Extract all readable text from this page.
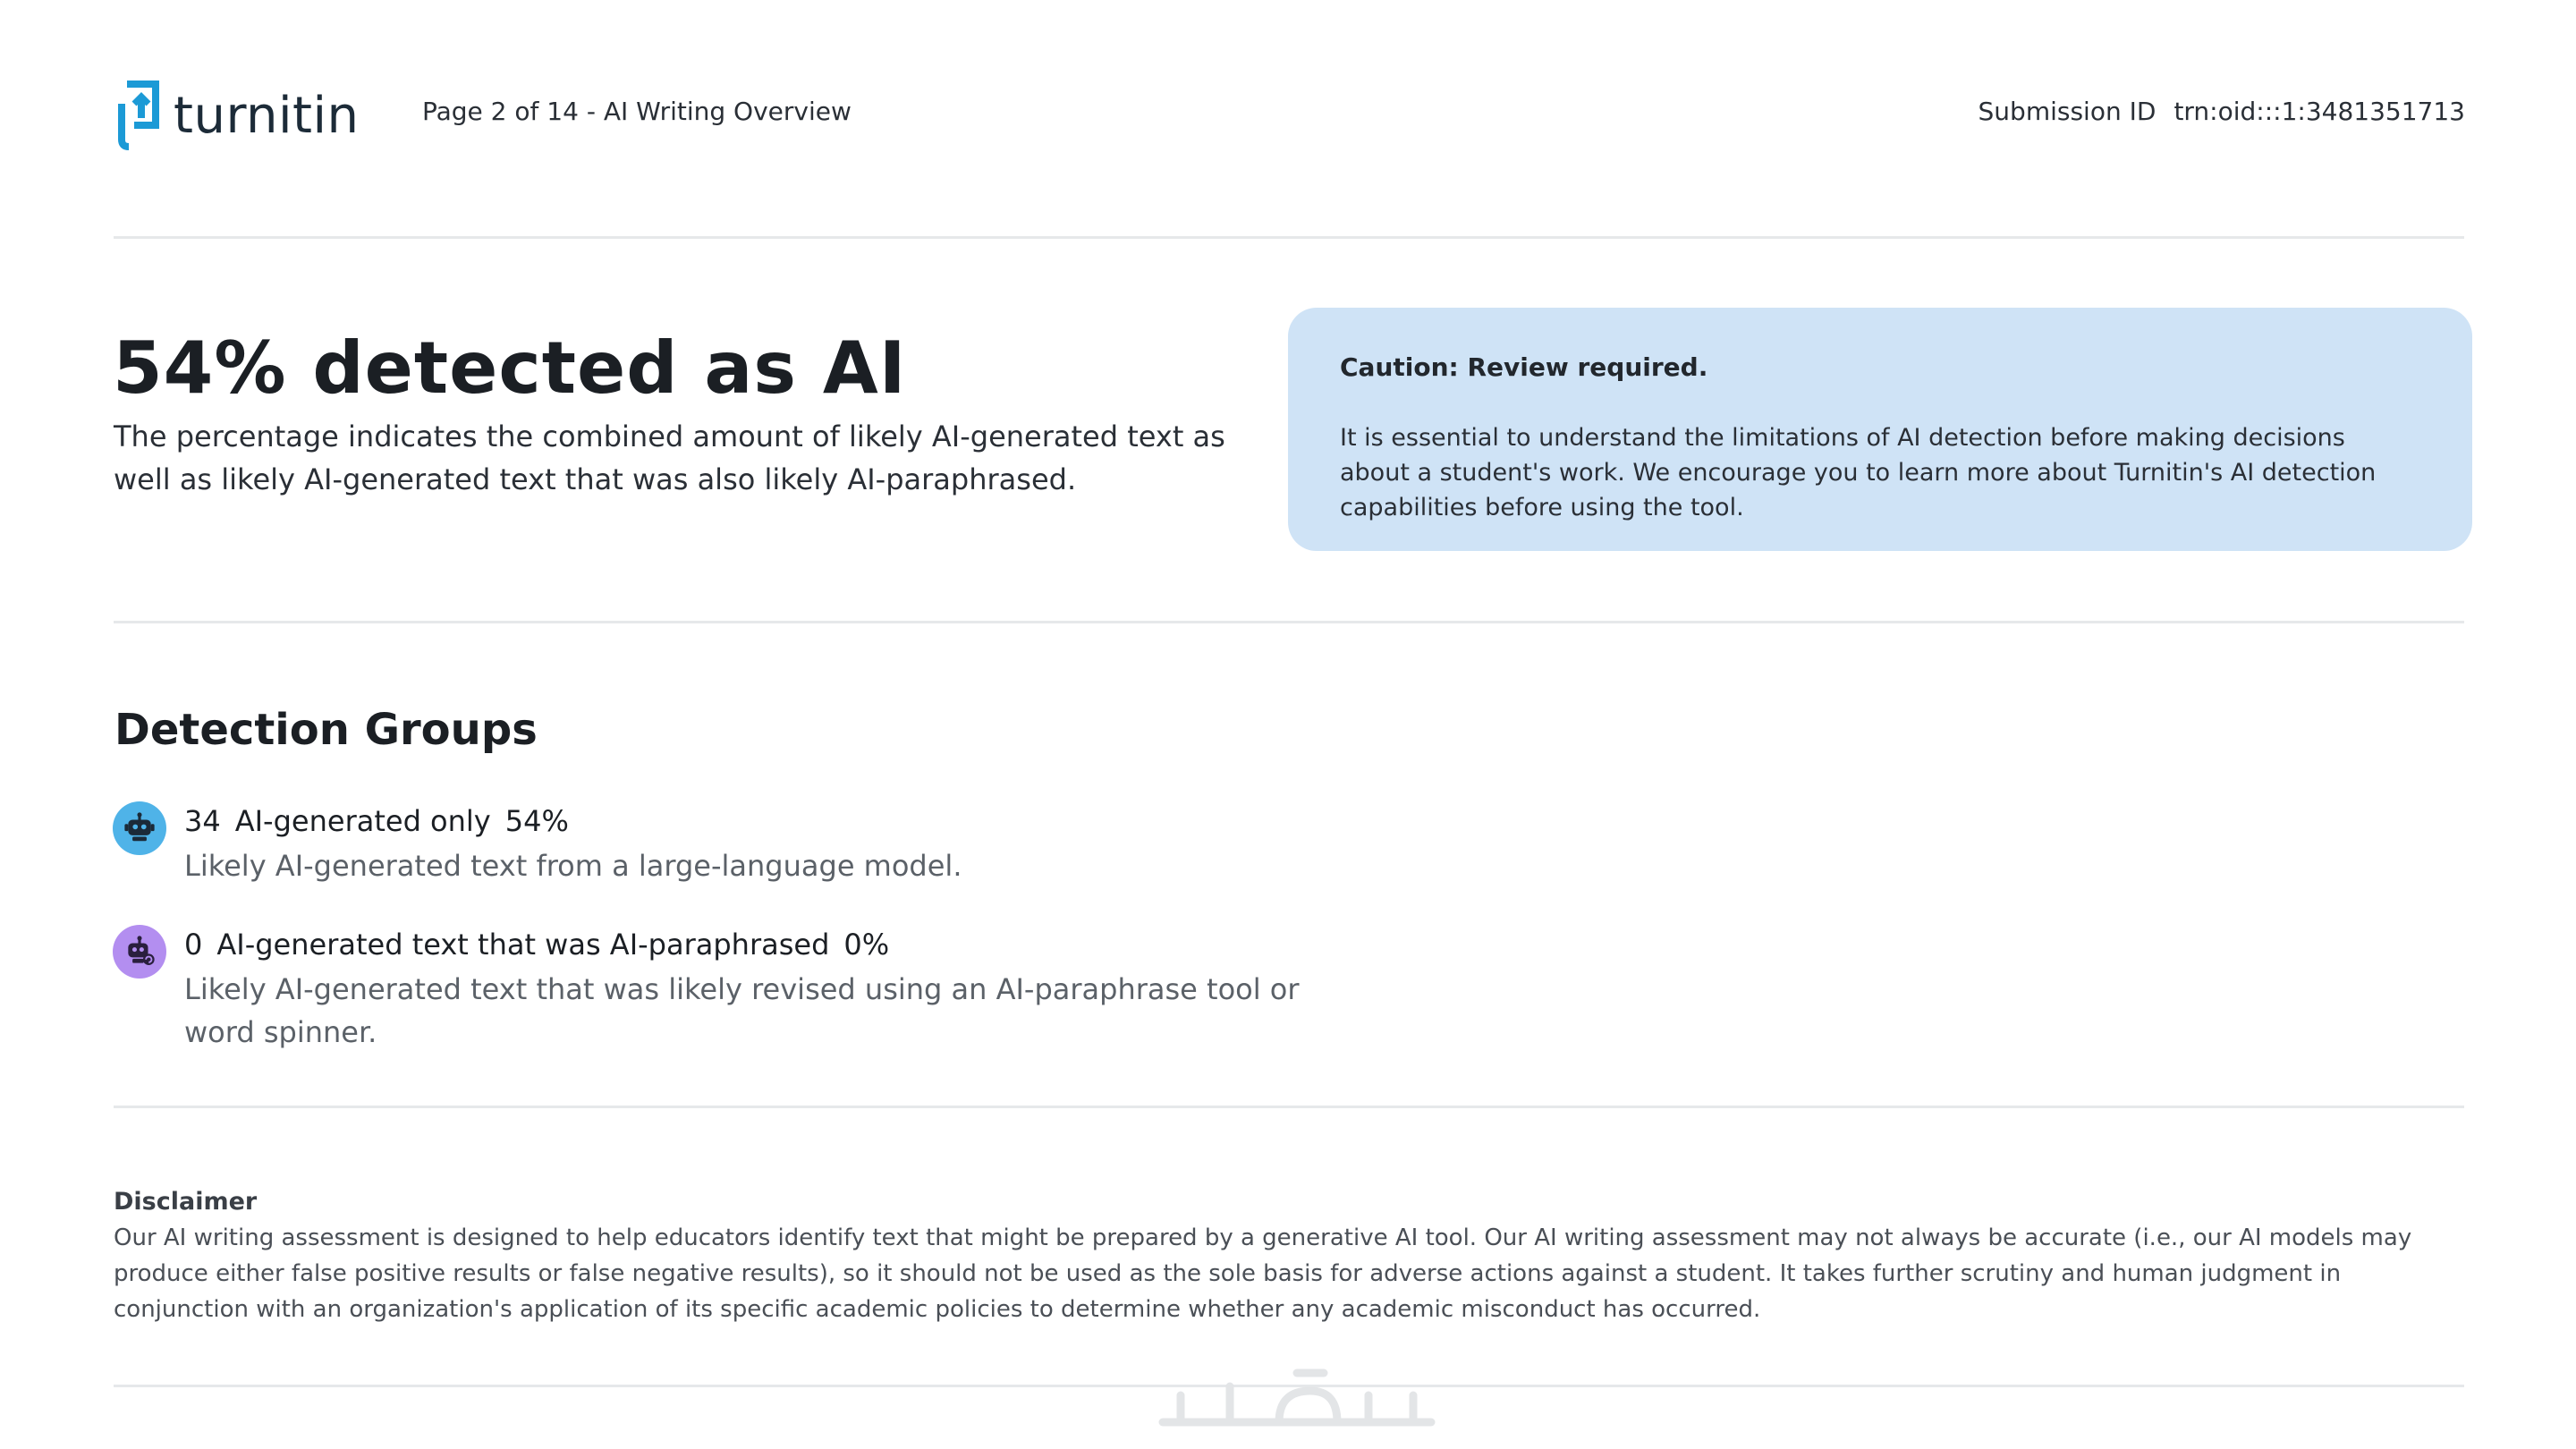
turnitin	Page 2 of 14 - AI Writing Overview	Submission ID trn:oid:::1:3481351713
54% detected as AI
The percentage indicates the combined amount of likely AI-generated text as well as likely AI-generated text that was also likely AI-paraphrased.
Caution: Review required.
It is essential to understand the limitations of AI detection before making decisions about a student's work. We encourage you to learn more about Turnitin's AI detection capabilities before using the tool.
Detection Groups
34 AI-generated only 54%
Likely AI-generated text from a large-language model.
0 AI-generated text that was AI-paraphrased 0%
Likely AI-generated text that was likely revised using an AI-paraphrase tool or word spinner.
Disclaimer
Our AI writing assessment is designed to help educators identify text that might be prepared by a generative AI tool. Our AI writing assessment may not always be accurate (i.e., our AI models may produce either false positive results or false negative results), so it should not be used as the sole basis for adverse actions against a student. It takes further scrutiny and human judgment in conjunction with an organization's application of its specific academic policies to determine whether any academic misconduct has occurred.
